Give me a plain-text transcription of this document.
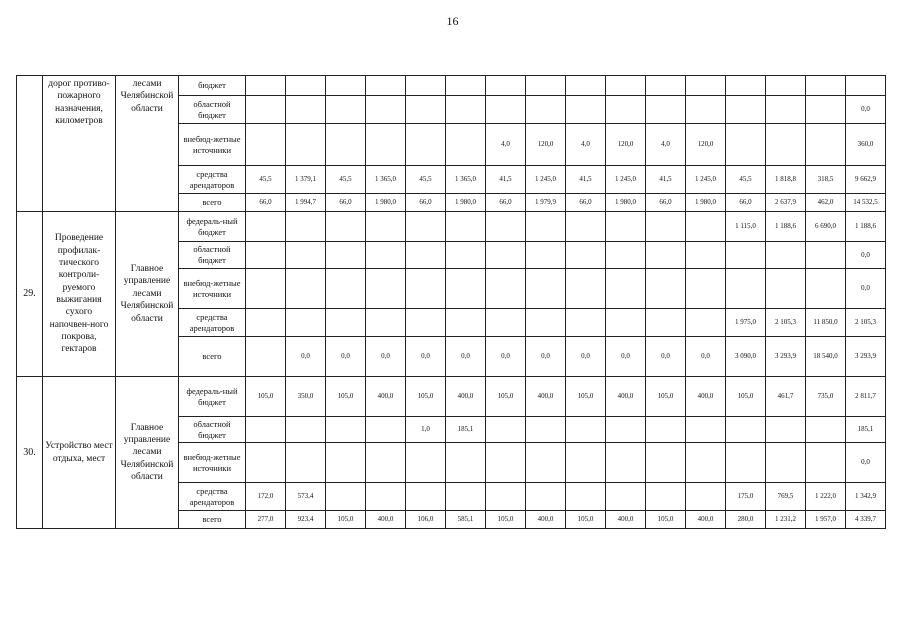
16
	дорог противо-пожарного назначения, километров	лесами Челябинской области	бюджет																
			областной бюджет																0,0
			внебюд-жетные источники							4,0	120,0	4,0	120,0	4,0	120,0				360,0
			средства арендаторов	45,5	1 379,1	45,5	1 365,0	45,5	1 365,0	41,5	1 245,0	41,5	1 245,0	41,5	1 245,0	45,5	1 818,8	318,5	9 662,9
			всего	66,0	1 994,7	66,0	1 980,0	66,0	1 980,0	66,0	1 979,9	66,0	1 980,0	66,0	1 980,0	66,0	2 637,9	462,0	14 532,5
29.	Проведение профилак-тического контроли-руемого выжигания сухого напочвен-ного покрова, гектаров	Главное управление лесами Челябинской области	федераль-ный бюджет													1 115,0	1 188,6	6 690,0	1 188,6
			областной бюджет																0,0
			внебюд-жетные источники																0,0
			средства арендаторов													1 975,0	2 105,3	11 850,0	2 105,3
			всего		0,0	0,0	0,0	0,0	0,0	0,0	0,0	0,0	0,0	0,0	0,0	3 090,0	3 293,9	18 540,0	3 293,9
30.	Устройство мест отдыха, мест	Главное управление лесами Челябинской области	федераль-ный бюджет	105,0	350,0	105,0	400,0	105,0	400,0	105,0	400,0	105,0	400,0	105,0	400,0	105,0	461,7	735,0	2 811,7
			областной бюджет					1,0	185,1										185,1
			внебюд-жетные источники																0,0
			средства арендаторов	172,0	573,4											175,0	769,5	1 222,0	1 342,9
			всего	277,0	923,4	105,0	400,0	106,0	585,1	105,0	400,0	105,0	400,0	105,0	400,0	280,0	1 231,2	1 957,0	4 339,7
